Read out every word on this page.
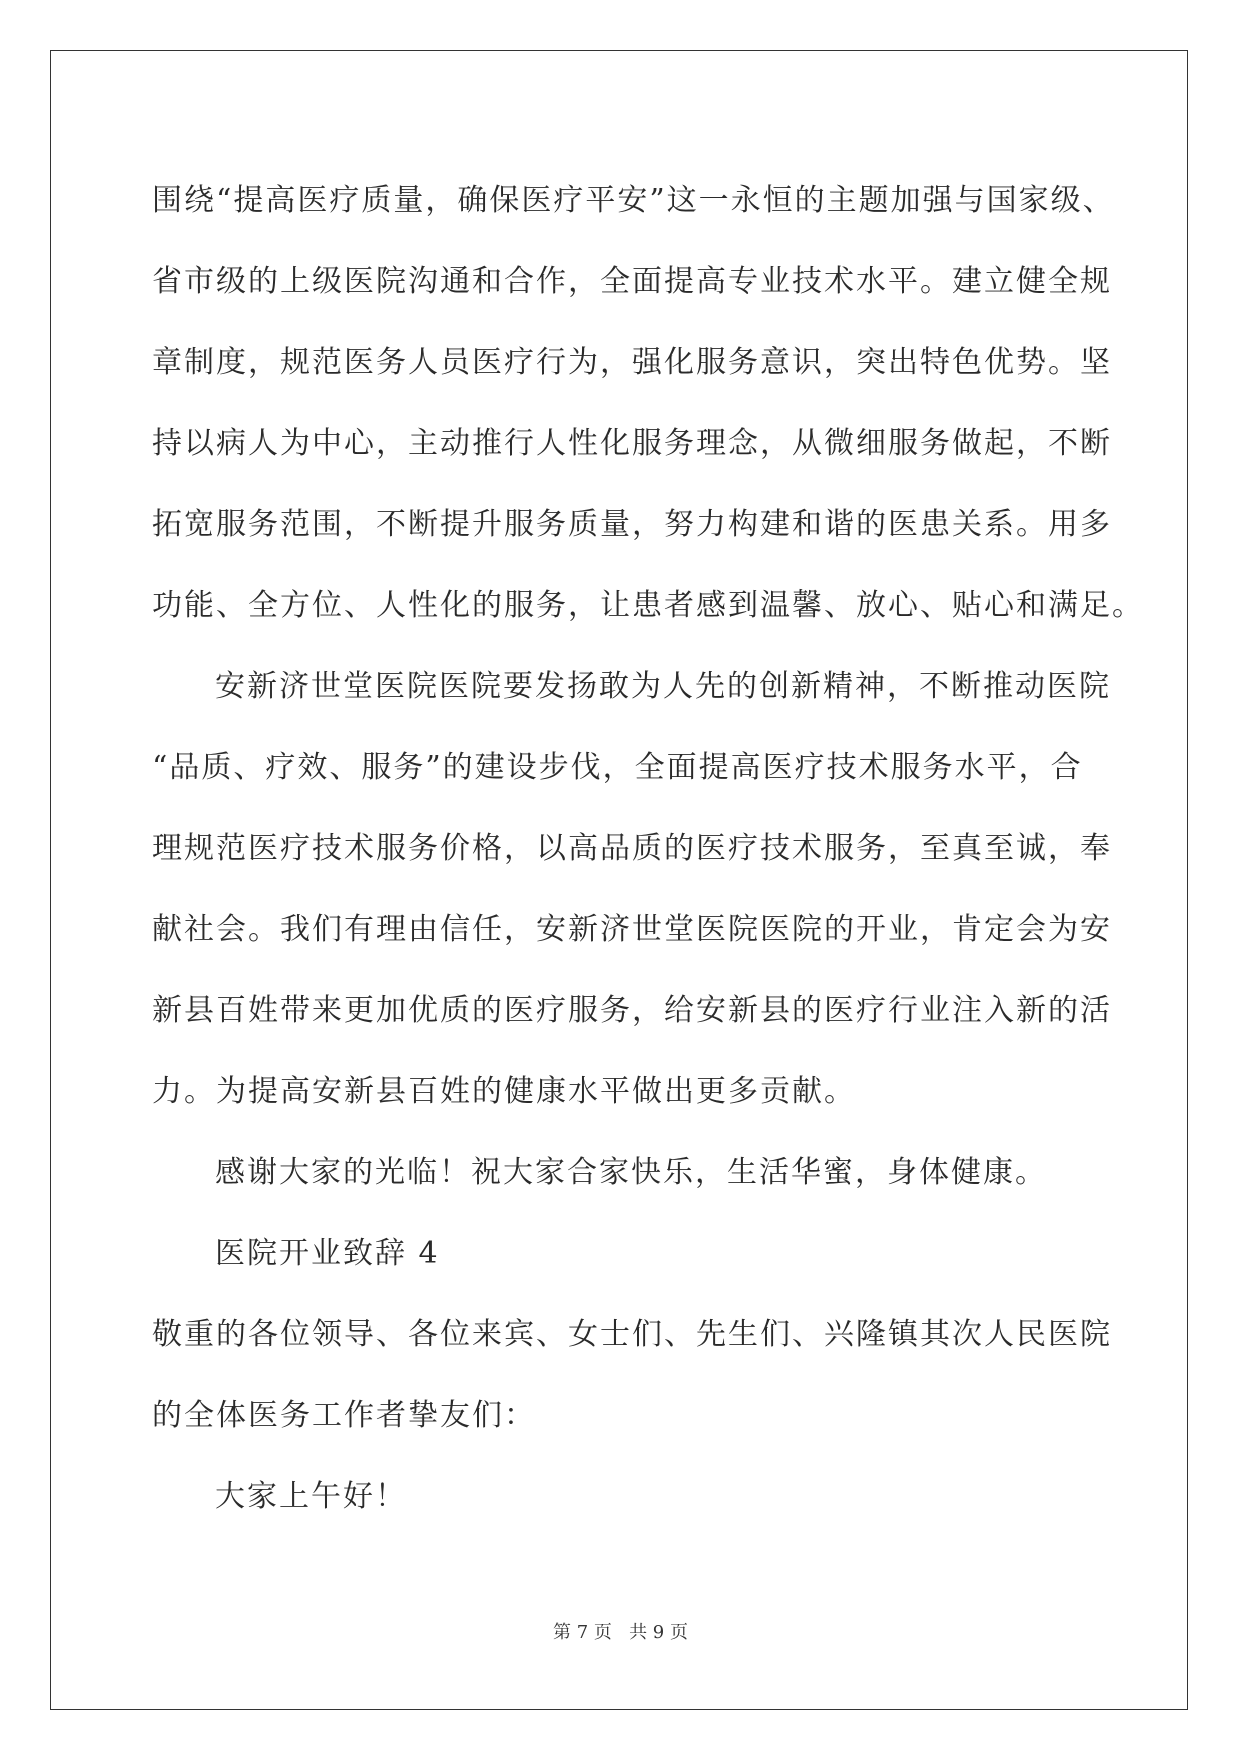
围绕“提高医疗质量，确保医疗平安”这一永恒的主题加强与国家级、
省市级的上级医院沟通和合作，全面提高专业技术水平。建立健全规
章制度，规范医务人员医疗行为，强化服务意识，突出特色优势。坚
持以病人为中心，主动推行人性化服务理念，从微细服务做起，不断
拓宽服务范围，不断提升服务质量，努力构建和谐的医患关系。用多
功能、全方位、人性化的服务，让患者感到温馨、放心、贴心和满足。
安新济世堂医院医院要发扬敢为人先的创新精神，不断推动医院
“品质、疗效、服务”的建设步伐，全面提高医疗技术服务水平，合
理规范医疗技术服务价格，以高品质的医疗技术服务，至真至诚，奉
献社会。我们有理由信任，安新济世堂医院医院的开业，肯定会为安
新县百姓带来更加优质的医疗服务，给安新县的医疗行业注入新的活
力。为提高安新县百姓的健康水平做出更多贡献。
感谢大家的光临！祝大家合家快乐，生活华蜜，身体健康。
医院开业致辞 4
敬重的各位领导、各位来宾、女士们、先生们、兴隆镇其次人民医院
的全体医务工作者挚友们：
大家上午好！
第 7 页 共 9 页
